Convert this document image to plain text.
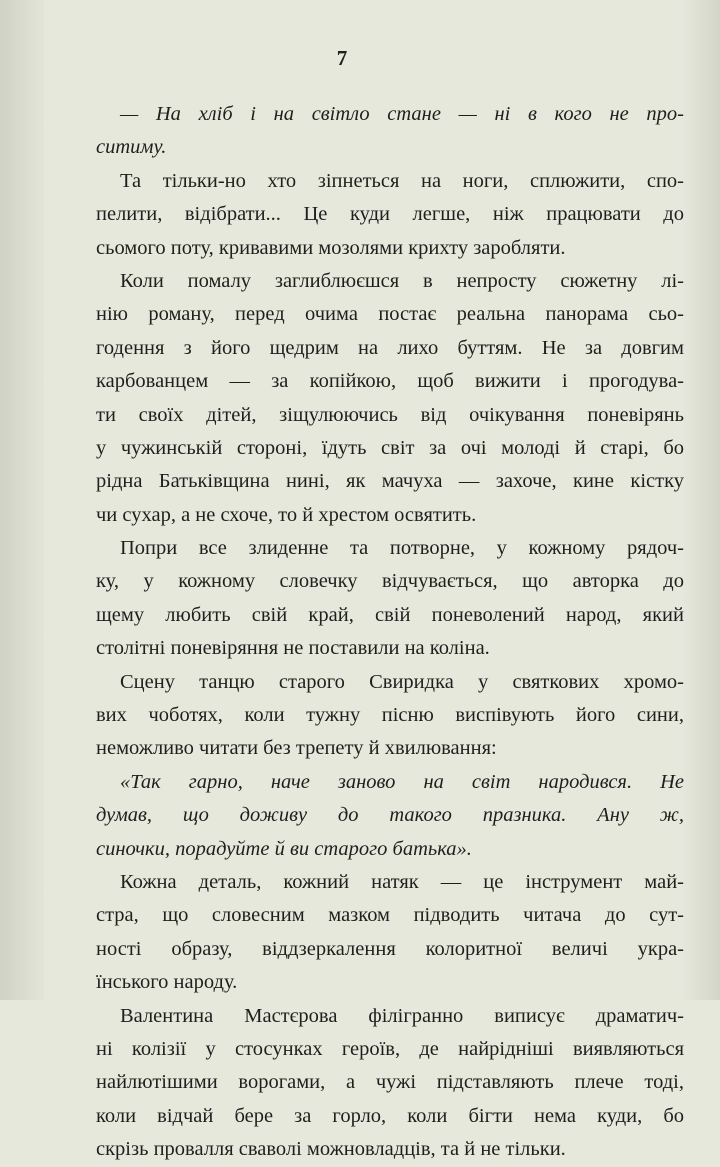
7
— На хліб і на світло стане — ні в кого не про-
ситиму.
Та тільки-но хто зіпнеться на ноги, сплюжити, спо-
пелити, відібрати... Це куди легше, ніж працювати до
сьомого поту, кривавими мозолями крихту заробляти.
Коли помалу заглиблюєшся в непросту сюжетну лі-
нію роману, перед очима постає реальна панорама сьо-
годення з його щедрим на лихо буттям. Не за довгим
карбованцем — за копійкою, щоб вижити і прогодува-
ти своїх дітей, зіщулюючись від очікування поневірянь
у чужинській стороні, їдуть світ за очі молоді й старі, бо
рідна Батьківщина нині, як мачуха — захоче, кине кістку
чи сухар, а не схоче, то й хрестом освятить.
Попри все злиденне та потворне, у кожному рядоч-
ку, у кожному словечку відчувається, що авторка до
щему любить свій край, свій поневолений народ, який
столітні поневіряння не поставили на коліна.
Сцену танцю старого Свиридка у святкових хромо-
вих чоботях, коли тужну пісню виспівують його сини,
неможливо читати без трепету й хвилювання:
«Так гарно, наче заново на світ народився. Не
думав, що доживу до такого празника. Ану ж,
синочки, порадуйте й ви старого батька».
Кожна деталь, кожний натяк — це інструмент май-
стра, що словесним мазком підводить читача до сут-
ності образу, віддзеркалення колоритної величі укра-
їнського народу.
Валентина Мастєрова філігранно виписує драматич-
ні колізії у стосунках героїв, де найрідніші виявляються
найлютішими ворогами, а чужі підставляють плече тоді,
коли відчай бере за горло, коли бігти нема куди, бо
скрізь провалля сваволі можновладців, та й не тільки.
